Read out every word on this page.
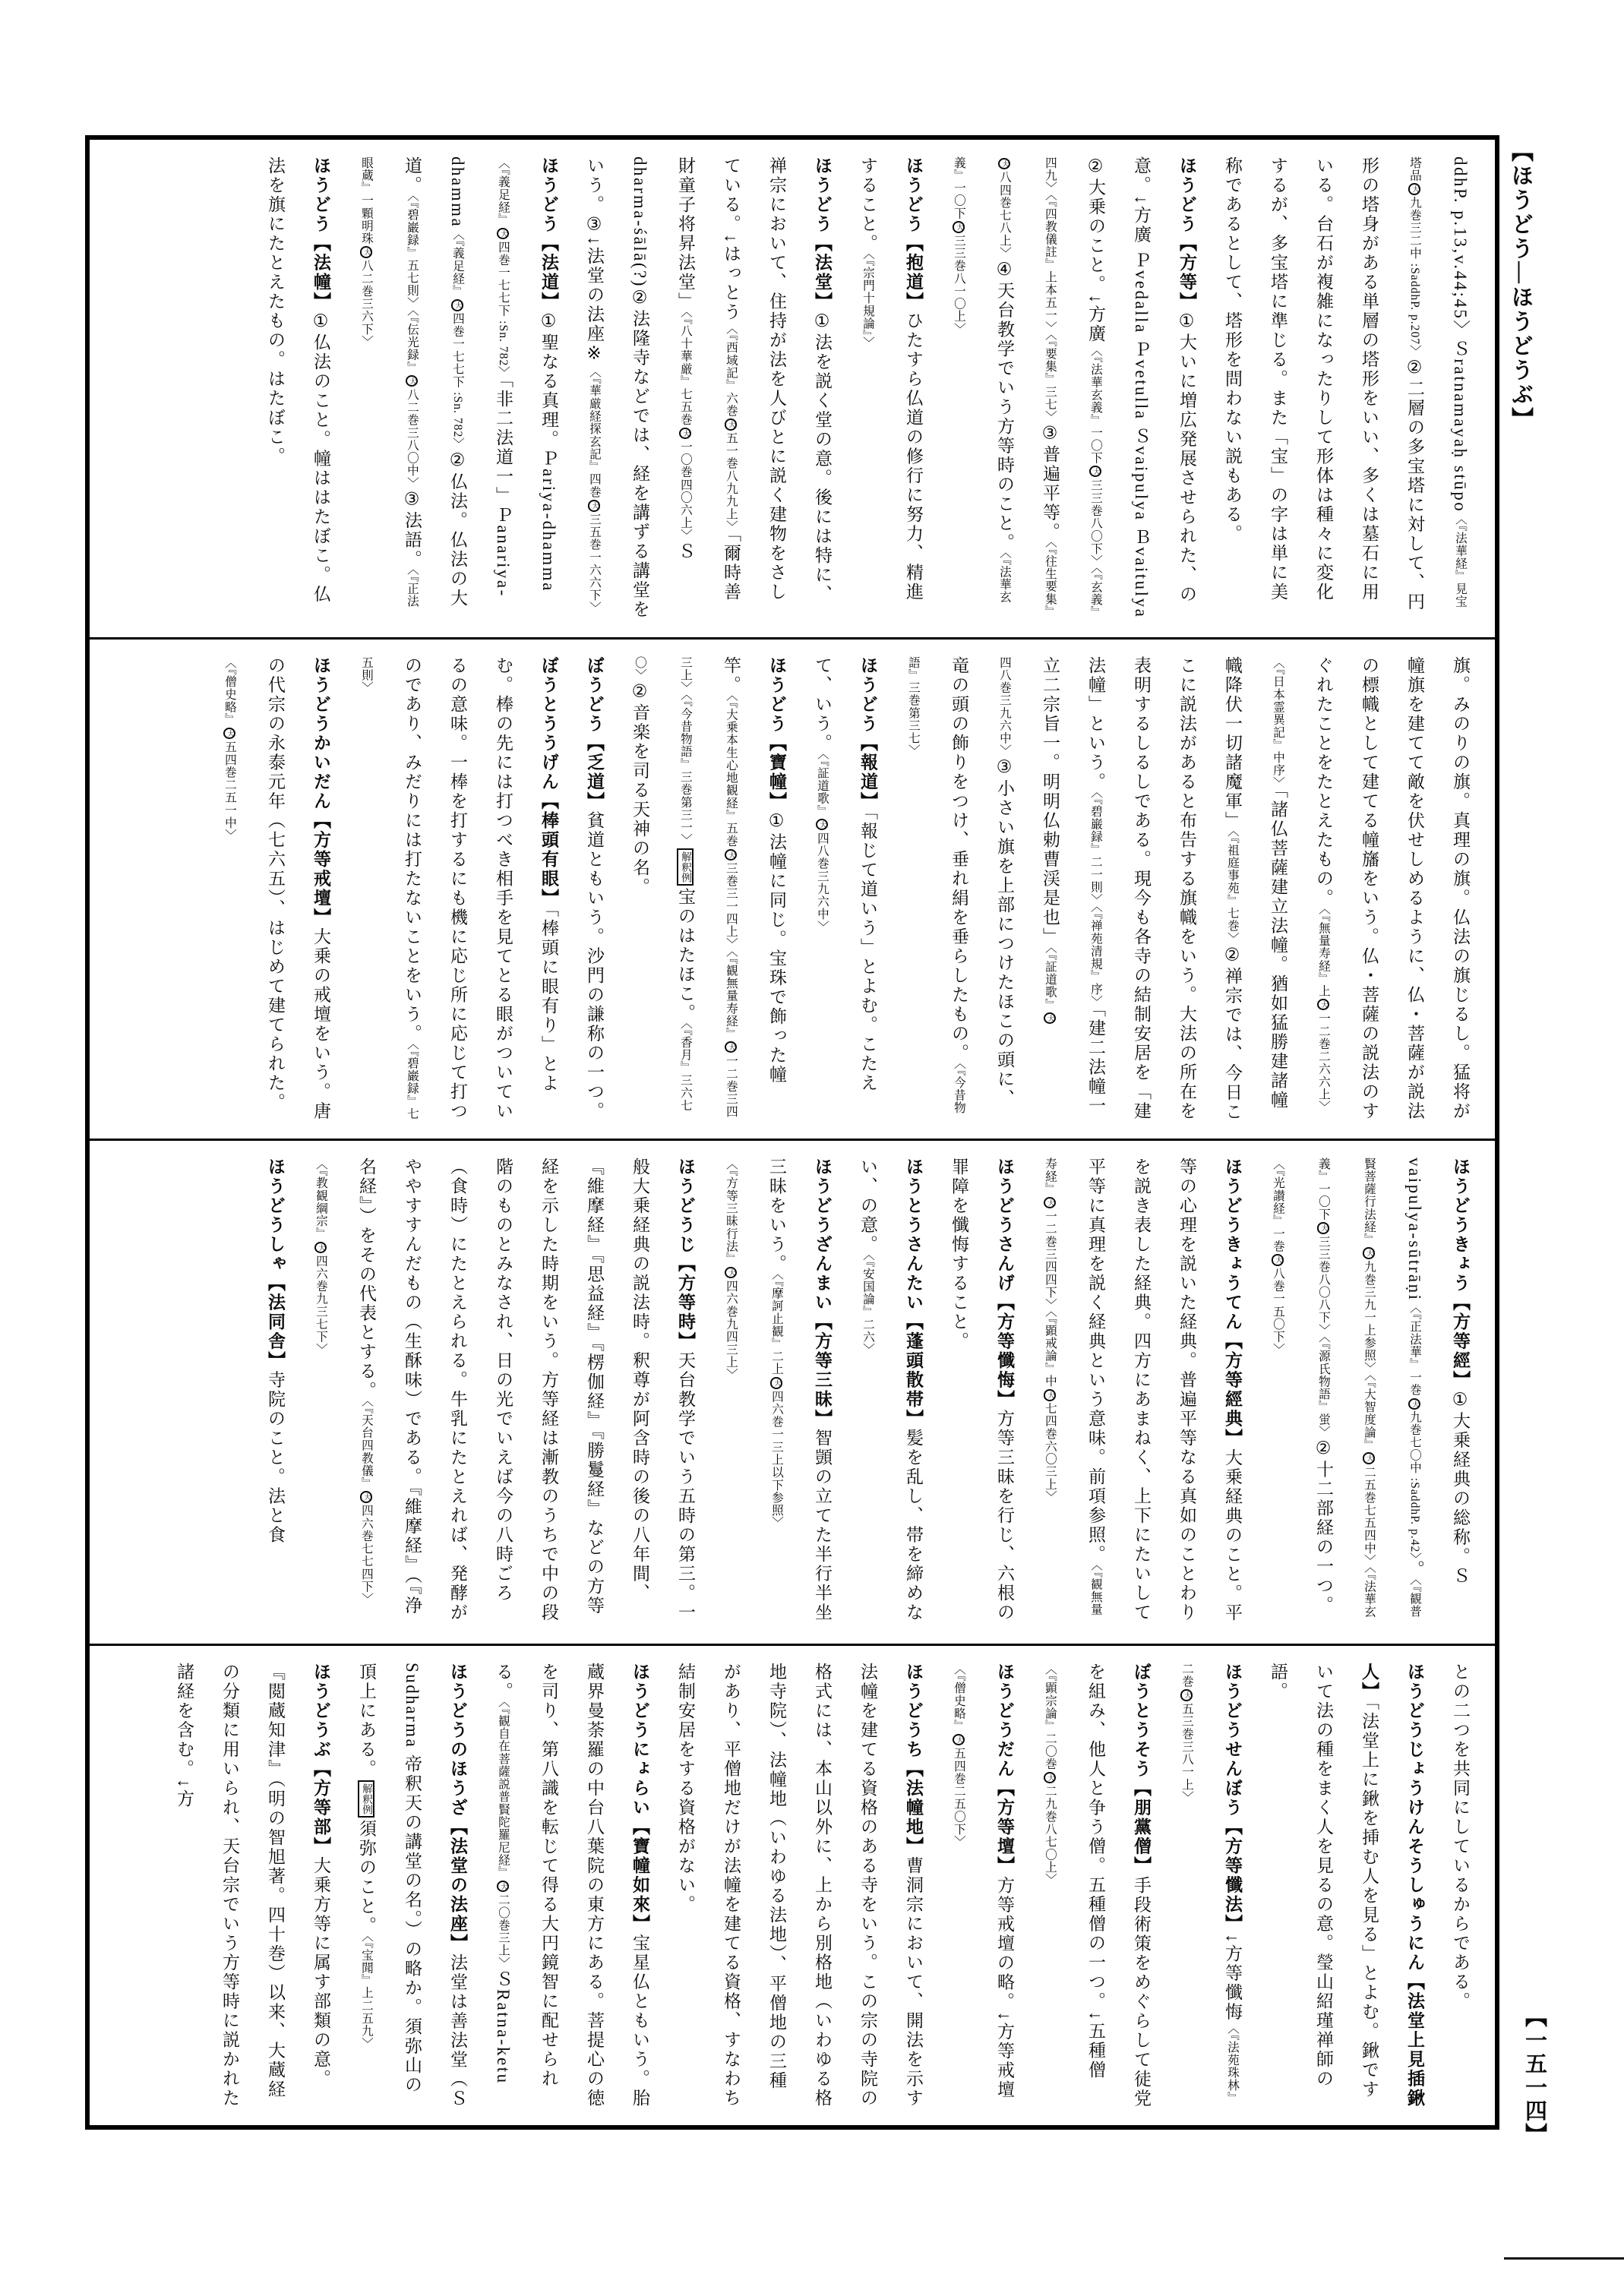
【ほうどう―ほうどうぶ】
【一五一四】
ddhP. p.13,v.44;45〉Ｓratnamayaḥ stūpo〈『法華経』見宝塔品大九巻三二中 :SaddhP. p.207〉②二層の多宝塔に対して、円形の塔身がある単層の塔形をいい、多くは墓石に用いる。台石が複雑になったりして形体は種々に変化するが、多宝塔に準じる。また「宝」の字は単に美称であるとして、塔形を問わない説もある。
ほうどう【方等】①大いに増広発展させられた、の意。↓方廣 Ｐvedalla Ｐvetulla Ｓvaipulya Ｂvaitulya ②大乗のこと。↓方廣〈『法華玄義』一〇下大三三巻八〇下〉〈『玄義』四九〉〈『四教儀註』上本五一〉〈『要集』三七〉③普遍平等。〈『往生要集』大八四巻七八上〉④天台教学でいう方等時のこと。〈『法華玄義』一〇下大三三巻八一〇上〉
ほうどう【抱道】ひたすら仏道の修行に努力、精進すること。〈『宗門十規論』〉
ほうどう【法堂】①法を説く堂の意。後には特に、禅宗において、住持が法を人びとに説く建物をさしている。↓はっとう〈『西域記』六巻大五一巻八九九上〉「爾時善財童子将昇法堂」〈『八十華厳』七五巻大一〇巻四〇六上〉Ｓdharma-śālā(?)②法隆寺などでは、経を講ずる講堂をいう。③↓法堂の法座※〈『華厳経探玄記』四巻大三五巻一六六下〉
ほうどう【法道】①聖なる真理。Ｐariya-dhamma〈『義足経』大四巻一七七下 :Sn. 782〉「非二法道一」Ｐanariya-dhamma〈『義足経』大四巻一七七下 :Sn. 782〉②仏法。仏法の大道。〈『碧巌録』五七則〉〈『伝光録』大八二巻三八〇中〉③法語。〈『正法眼蔵』一顆明珠大八二巻三六下〉
ほうどう【法幢】①仏法のこと。幢ははたぼこ。仏法を旗にたとえたもの。はたぼこ。
旗。みのりの旗。真理の旗。仏法の旗じるし。猛将が幢旗を建てて敵を伏せしめるように、仏・菩薩が説法の標幟として建てる幢旛をいう。仏・菩薩の説法のすぐれたことをたとえたもの。〈『無量寿経』上大一二巻二六六上〉〈『日本霊異記』中序〉「諸仏菩薩建立法幢。猶如猛勝建諸幢幟降伏一切諸魔軍」〈『祖庭事苑』七巻〉②禅宗では、今日ここに説法があると布告する旗幟をいう。大法の所在を表明するしるしである。現今も各寺の結制安居を「建法幢」という。〈『碧巌録』二一則〉〈『禅苑清規』序〉「建二法幢一立二宗旨一。明明仏勅曹渓是也」〈『証道歌』大四八巻三九六中〉③小さい旗を上部につけたほこの頭に、竜の頭の飾りをつけ、垂れ絹を垂らしたもの。〈『今昔物語』三巻第三七〉
ほうどう【報道】「報じて道いう」とよむ。こたえて、いう。〈『証道歌』大四八巻三九六中〉
ほうどう【寶幢】①法幢に同じ。宝珠で飾った幢竿。〈『大乗本生心地観経』五巻大三巻三一四上〉〈『観無量寿経』大一二巻三四三上〉〈『今昔物語』三巻第三一〉解釈例宝のはたほこ。〈『香月』三六七〇〉②音楽を司る天神の名。
ぼうどう【乏道】貧道ともいう。沙門の謙称の一つ。
ぼうとううげん【棒頭有眼】「棒頭に眼有り」とよむ。棒の先には打つべき相手を見てとる眼がついているの意味。一棒を打するにも機に応じ所に応じて打つのであり、みだりには打たないことをいう。〈『碧巌録』七五則〉
ほうどうかいだん【方等戒壇】大乗の戒壇をいう。唐の代宗の永泰元年（七六五）、はじめて建てられた。〈『僧史略』大五四巻二五一中〉
ほうどうきょう【方等經】①大乗経典の総称。Ｓvaipulya-sūtrāṇi〈『正法華』一巻大九巻七〇中 :SaddhP. p.42〉。〈『観普賢菩薩行法経』大九巻三九一上参照〉〈『大智度論』大二五巻七五四中〉〈『法華玄義』一〇下大三三巻八〇八下〉〈『源氏物語』蛍〉②十二部経の一つ。〈『光讃経』一巻大八巻一五〇下〉
ほうどうきょうてん【方等經典】大乗経典のこと。平等の心理を説いた経典。普遍平等なる真如のことわりを説き表した経典。四方にあまねく、上下にたいして平等に真理を説く経典という意味。前項参照。〈『観無量寿経』大一二巻三四四下〉〈『顕戒論』中大七四巻六〇三上〉
ほうどうさんげ【方等懺悔】方等三昧を行じ、六根の罪障を懺悔すること。
ほうとうさんたい【蓬頭散帯】髪を乱し、帯を締めない、の意。〈『安国論』二六〉
ほうどうざんまい【方等三昧】智顗の立てた半行半坐三昧をいう。〈『摩訶止観』二上大四六巻一三上以下参照〉〈『方等三昧行法』大四六巻九四三上〉
ほうどうじ【方等時】天台教学でいう五時の第三。一般大乗経典の説法時。釈尊が阿含時の後の八年間、『維摩経』『思益経』『楞伽経』『勝鬘経』などの方等経を示した時期をいう。方等経は漸教のうちで中の段階のものとみなされ、日の光でいえば今の八時ごろ（食時）にたとえられる。牛乳にたとえれば、発酵がややすすんだもの（生酥味）である。『維摩経』（『浄名経』）をその代表とする。〈『天台四教儀』大四六巻七七四下〉〈『教観綱宗』大四六巻九三七下〉
ほうどうしゃ【法同舎】寺院のこと。法と食
との二つを共同にしているからである。
ほうどうじょうけんそうしゅうにん【法堂上見插鍬人】「法堂上に鍬を挿む人を見る」とよむ。鍬ですいて法の種をまく人を見るの意。瑩山紹瑾禅師の語。
ほうどうせんぼう【方等懺法】↓方等懺悔〈『法苑珠林』二巻大五三巻三八一上〉
ぼうとうそう【朋黨僧】手段術策をめぐらして徒党を組み、他人と争う僧。五種僧の一つ。↓五種僧〈『顕宗論』二〇巻大二九巻八七〇上〉
ほうどうだん【方等壇】方等戒壇の略。↓方等戒壇〈『僧史略』大五四巻二五〇下〉
ほうどうち【法幢地】曹洞宗において、開法を示す法幢を建てる資格のある寺をいう。この宗の寺院の格式には、本山以外に、上から別格地（いわゆる格地寺院）、法幢地（いわゆる法地）、平僧地の三種があり、平僧地だけが法幢を建てる資格、すなわち結制安居をする資格がない。
ほうどうにょらい【寶幢如來】宝星仏ともいう。胎蔵界曼荼羅の中台八葉院の東方にある。菩提心の徳を司り、第八識を転じて得る大円鏡智に配せられる。〈『観自在菩薩説普賢陀羅尼経』大二〇巻三上〉ＳRatna-ketu
ほうどうのほうざ【法堂の法座】法堂は善法堂（ＳSudharma 帝釈天の講堂の名。）の略か。須弥山の頂上にある。解釈例須弥のこと。〈『宝聞』上二五九〉
ほうどうぶ【方等部】大乗方等に属す部類の意。『閲蔵知津』（明の智旭著。四十巻）以来、大蔵経の分類に用いられ、天台宗でいう方等時に説かれた諸経を含む。↓方
